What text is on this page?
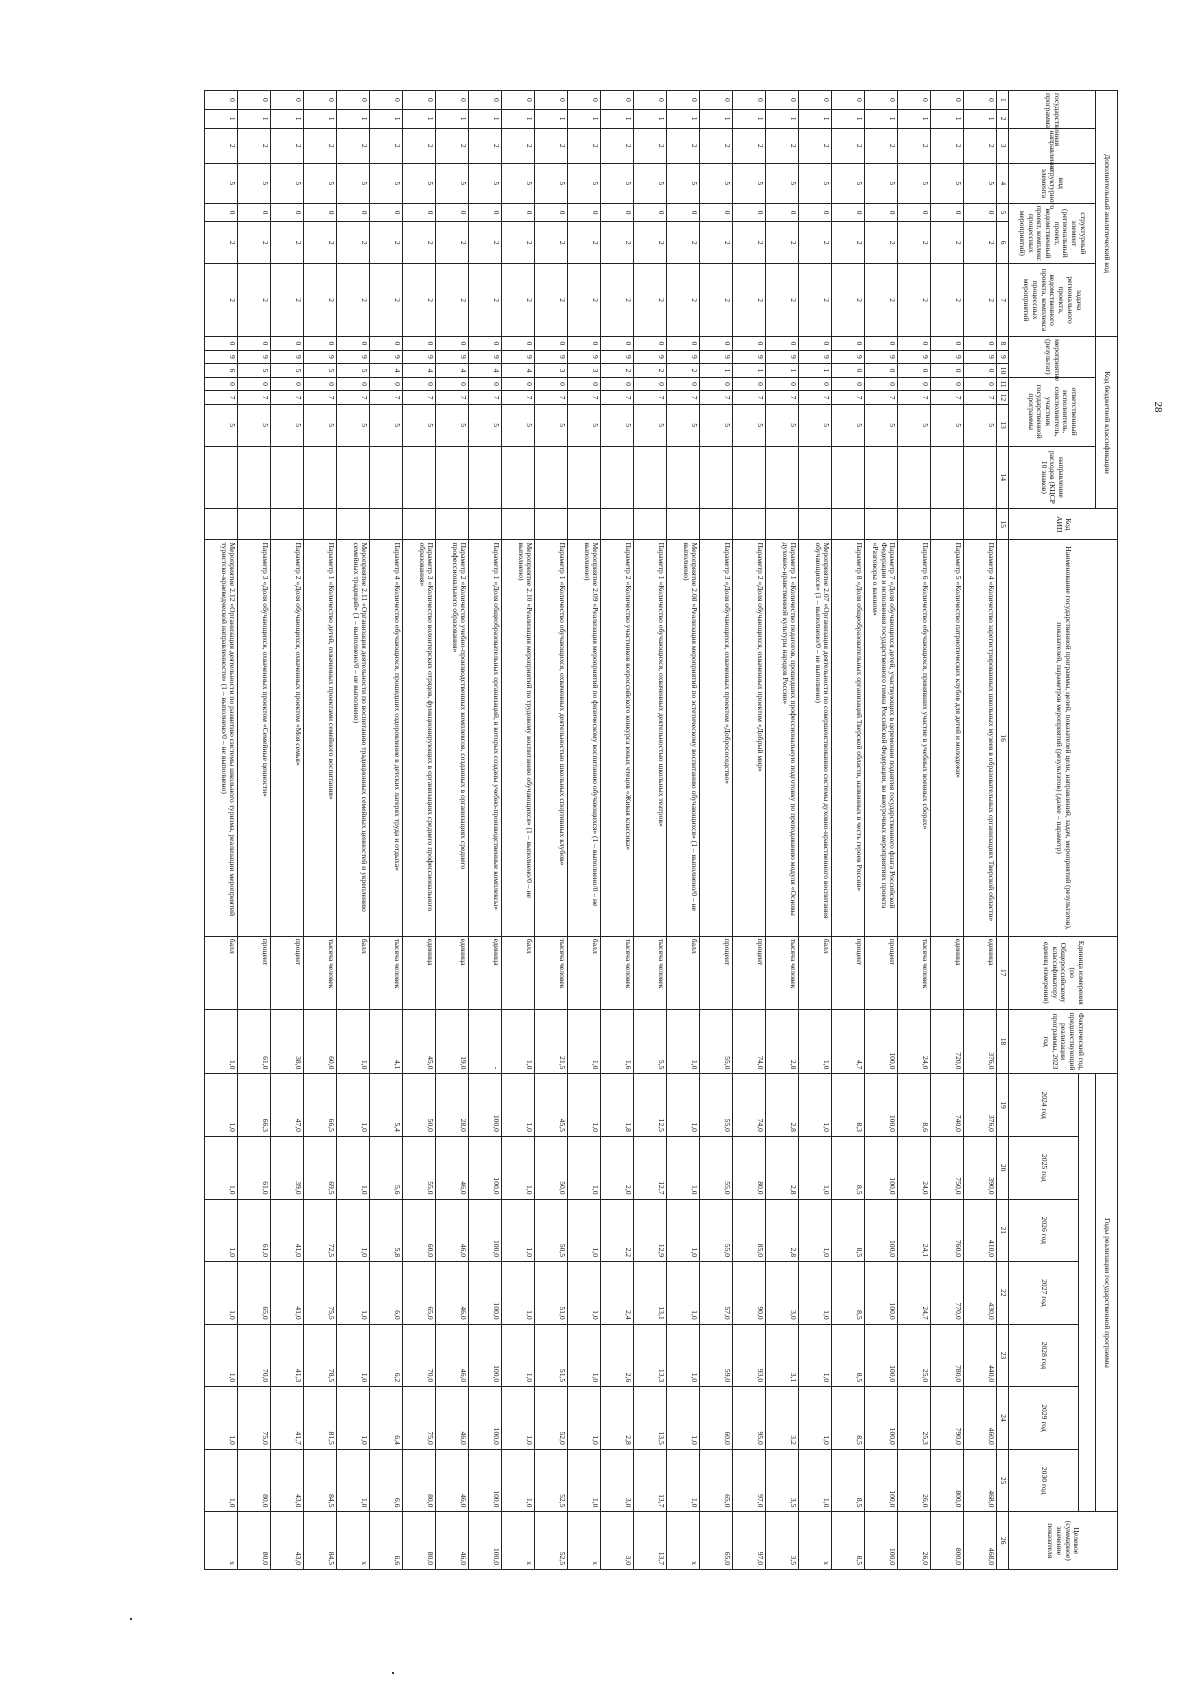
28
Дополнительный аналитический код							Код бюджетной классификации							Код АИП	Наименование государственной программы, целей, показателей цели, направлений, задач, мероприятий (результатов), показателей, параметров мероприятий (результатов) (далее – параметр)	Единица измерения (по Общероссийскому классификатору единиц измерения)	Фактический год, предшествующий реализации программы, 2023 год	Годы реализации государственной программы							Целевое (суммарное) значение показателя
государственная программа		направление	вид структурного элемента	структурный элемент (региональный проект, ведомственный проект, комплекс процессных мероприятий)		задача регионального проекта, ведомственного проекта, комплекса процессных мероприятий	мероприятие (результат)			ответственный исполнитель, соисполнитель, участник государственной программы			направление расходов (КЦСР 10 знаков)												
																		2024 год	2025 год	2026 год	2027 год	2028 год	2029 год	2030 год	
1	2	3	4	5	6	7	8	9	10	11	12	13	14	15	16	17	18	19	20	21	22	23	24	25	26
0	1	2	5	0	2	2	0	9	0	0	7	5			Параметр 4 «Количество зарегистрированных школьных музеев в образовательных организациях Тверской области»	единица	376,0	376,0	390,0	410,0	430,0	440,0	460,0	468,0	468,0
0	1	2	5	0	2	2	0	9	0	0	7	5			Параметр 5 «Количество патриотических клубов для детей и молодежи»	единица	720,0	740,0	750,0	760,0	770,0	780,0	790,0	800,0	800,0
0	1	2	5	0	2	2	0	9	0	0	7	5			Параметр 6 «Количество обучающихся, принявших участие в учебных военных сборах»	тысяча человек	24,0	8,6	24,0	24,1	24,7	25,0	25,3	26,0	26,0
0	1	2	5	0	2	2	0	9	0	0	7	5			Параметр 7 «Доля обучающихся детей, участвующих в церемонии поднятия государственного флага Российской Федерации и исполнения государственного гимна Российской Федерации, во внеурочных мероприятиях проекта «Разговоры о важном»	процент	100,0	100,0	100,0	100,0	100,0	100,0	100,0	100,0	100,0
0	1	2	5	0	2	2	0	9	0	0	7	5			Параметр 8 «Доля общеобразовательных организаций Тверской области, названных в честь героев России»	процент	4,7	8,3	8,5	8,5	8,5	8,5	8,5	8,5	8,5
0	1	2	5	0	2	2	0	9	1	0	7	5			Мероприятие 2.07 «Организация деятельности по совершенствованию системы духовно-нравственного воспитания обучающихся» (1 – выполнено/0 – не выполнено)	балл	1,0	1,0	1,0	1,0	1,0	1,0	1,0	1,0	х
0	1	2	5	0	2	2	0	9	1	0	7	5			Параметр 1 «Количество педагогов, прошедших профессиональную подготовку по преподаванию модуля «Основы духовно-нравственной культуры народов России»	тысяча человек	2,8	2,8	2,8	2,8	3,0	3,1	3,2	3,5	3,5
0	1	2	5	0	2	2	0	9	1	0	7	5			Параметр 2 «Доля обучающихся, охваченных проектом «Добрый мир»	процент	74,0	74,0	80,0	85,0	90,0	93,0	95,0	97,0	97,0
0	1	2	5	0	2	2	0	9	1	0	7	5			Параметр 3 «Доля обучающихся, охваченных проектом «Добрососедство»	процент	55,0	55,0	55,0	55,0	57,0	59,0	60,0	65,0	65,0
0	1	2	5	0	2	2	0	9	2	0	7	5			Мероприятие 2.08 «Реализация мероприятий по эстетическому воспитанию обучающихся» (1 – выполнено/0 – не выполнено)	балл	1,0	1,0	1,0	1,0	1,0	1,0	1,0	1,0	х
0	1	2	5	0	2	2	0	9	2	0	7	5			Параметр 1 «Количество обучающихся, охваченных деятельностью школьных театров»	тысяча человек	5,5	12,5	12,7	12,9	13,1	13,3	13,5	13,7	13,7
0	1	2	5	0	2	2	0	9	2	0	7	5			Параметр 2 «Количество участников всероссийского конкурса юных чтецов «Живая классика»	тысяча человек	1,6	1,8	2,0	2,2	2,4	2,6	2,8	3,0	3,0
0	1	2	5	0	2	2	0	9	3	0	7	5			Мероприятие 2.09 «Реализация мероприятий по физическому воспитанию обучающихся» (1 – выполнено/0 – не выполнено)	балл	1,0	1,0	1,0	1,0	1,0	1,0	1,0	1,0	х
0	1	2	5	0	2	2	0	9	3	0	7	5			Параметр 1 «Количество обучающихся, охваченных деятельностью школьных спортивных клубов»	тысяча человек	21,5	45,5	50,0	50,5	51,0	51,5	52,0	52,5	52,5
0	1	2	5	0	2	2	0	9	4	0	7	5			Мероприятие 2.10 «Реализация мероприятий по трудовому воспитанию обучающихся» (1 – выполнено/0 – не выполнено)	балл	1,0	1,0	1,0	1,0	1,0	1,0	1,0	1,0	х
0	1	2	5	0	2	2	0	9	4	0	7	5			Параметр 1 «Доля общеобразовательных организаций, в которых созданы учебно-производственные комплексы»	единица	-	100,0	100,0	100,0	100,0	100,0	100,0	100,0	100,0
0	1	2	5	0	2	2	0	9	4	0	7	5			Параметр 2 «Количество учебно-производственных комплексов, созданных в организациях среднего профессионального образования»	единица	19,0	28,0	46,0	46,0	46,0	46,0	46,0	46,0	46,0
0	1	2	5	0	2	2	0	9	4	0	7	5			Параметр 3 «Количество волонтерских отрядов, функционирующих в организациях среднего профессионального образования»	единица	45,0	50,0	55,0	60,0	65,0	70,0	75,0	80,0	80,0
0	1	2	5	0	2	2	0	9	4	0	7	5			Параметр 4 «Количество обучающихся, прошедших оздоровление в детских лагерях труда и отдыха»	тысяча человек	4,1	5,4	5,6	5,8	6,0	6,2	6,4	6,6	6,6
0	1	2	5	0	2	2	0	9	5	0	7	5			Мероприятие 2.11 «Организация деятельности по воспитанию традиционных семейных ценностей и укреплению семейных традиций» (1 – выполнено/0 – не выполнено)	балл	1,0	1,0	1,0	1,0	1,0	1,0	1,0	1,0	х
0	1	2	5	0	2	2	0	9	5	0	7	5			Параметр 1 «Количество детей, охваченных проектами семейного воспитания»	тысяча человек	60,0	66,5	69,5	72,5	75,5	78,5	81,5	84,5	84,5
0	1	2	5	0	2	2	0	9	5	0	7	5			Параметр 2 «Доля обучающихся, охваченных проектом «Моя семья»	процент	38,0	47,0	39,0	41,0	41,0	41,3	41,7	43,0	43,0
0	1	2	5	0	2	2	0	9	5	0	7	5			Параметр 3 «Доля обучающихся, охваченных проектом «Семейные ценности»	процент	61,0	66,3	61,0	61,0	65,0	70,0	75,0	80,0	80,0
0	1	2	5	0	2	2	0	9	6	0	7	5			Мероприятие 2.12 «Организация деятельности по развитию системы школьного туризма, реализации мероприятий туристско-краеведческой направленности» (1 – выполнено/0 – не выполнено)	балл	1,0	1,0	1,0	1,0	1,0	1,0	1,0	1,0	х
